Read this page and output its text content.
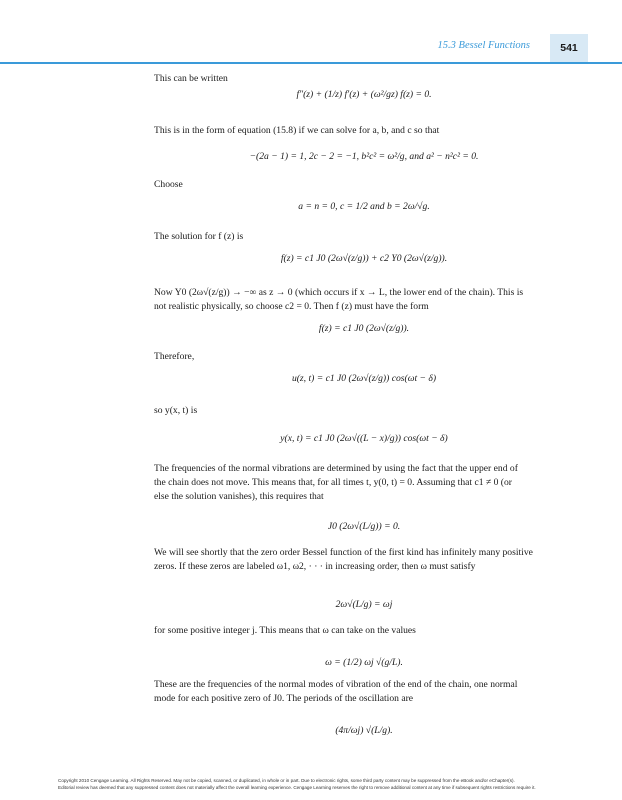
15.3 Bessel Functions	541
This can be written
f″(z) + (1/z) f′(z) + (ω²/gz) f(z) = 0.
This is in the form of equation (15.8) if we can solve for a, b, and c so that
−(2a − 1) = 1, 2c − 2 = −1, b²c² = ω²/g, and a² − n²c² = 0.
Choose
a = n = 0, c = 1/2 and b = 2ω/√g.
The solution for f (z) is
f(z) = c1 J0 (2ω√(z/g)) + c2 Y0 (2ω√(z/g)).
Now Y0 (2ω√(z/g)) → −∞ as z → 0 (which occurs if x → L, the lower end of the chain). This is
not realistic physically, so choose c2 = 0. Then f (z) must have the form
f(z) = c1 J0 (2ω√(z/g)).
Therefore,
u(z, t) = c1 J0 (2ω√(z/g)) cos(ωt − δ)
so y(x, t) is
y(x, t) = c1 J0 (2ω√((L − x)/g)) cos(ωt − δ)
The frequencies of the normal vibrations are determined by using the fact that the upper end of
the chain does not move. This means that, for all times t, y(0, t) = 0. Assuming that c1 ≠ 0 (or
else the solution vanishes), this requires that
J0 (2ω√(L/g)) = 0.
We will see shortly that the zero order Bessel function of the first kind has infinitely many positive
zeros. If these zeros are labeled ω1, ω2, · · · in increasing order, then ω must satisfy
2ω√(L/g) = ωj
for some positive integer j. This means that ω can take on the values
ω = (1/2) ωj √(g/L).
These are the frequencies of the normal modes of vibration of the end of the chain, one normal
mode for each positive zero of J0. The periods of the oscillation are
(4π/ωj) √(L/g).
Copyright 2010 Cengage Learning. All Rights Reserved. May not be copied, scanned, or duplicated, in whole or in part. Due to electronic rights, some third party content may be suppressed from the eBook and/or eChapter(s).
Editorial review has deemed that any suppressed content does not materially affect the overall learning experience. Cengage Learning reserves the right to remove additional content at any time if subsequent rights restrictions require it.
